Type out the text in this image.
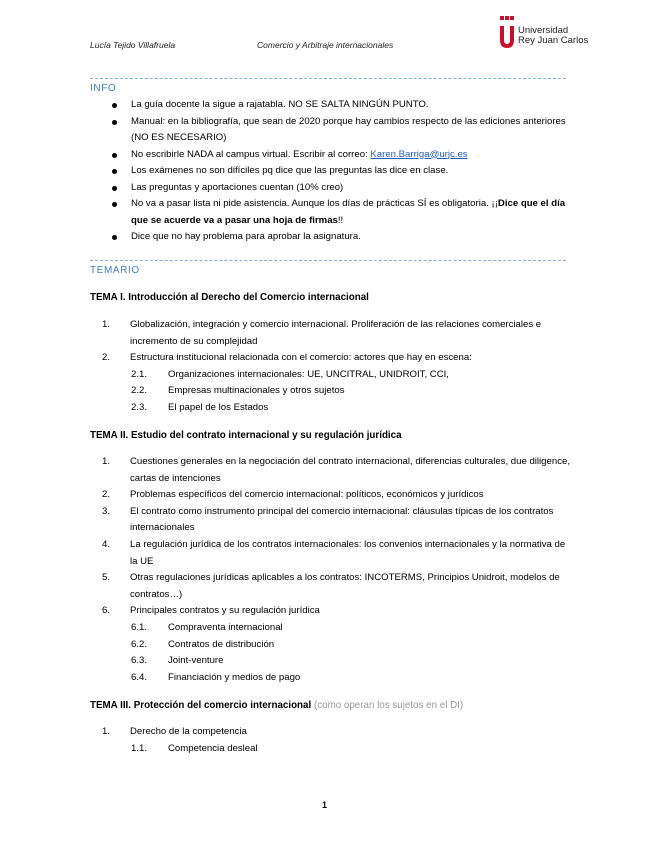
Lucía Tejido Villafruela	Comercio y Arbitraje internacionales
Universidad
Rey Juan Carlos
INFO
La guía docente la sigue a rajatabla. NO SE SALTA NINGÚN PUNTO.
Manual: en la bibliografía, que sean de 2020 porque hay cambios respecto de las ediciones anteriores (NO ES NECESARIO)
No escribirle NADA al campus virtual. Escribir al correo: Karen.Barriga@urjc.es
Los exámenes no son difíciles pq dice que las preguntas las dice en clase.
Las preguntas y aportaciones cuentan (10% creo)
No va a pasar lista ni pide asistencia. Aunque los días de prácticas SÍ es obligatoria. ¡¡Dice que el día que se acuerde va a pasar una hoja de firmas!!
Dice que no hay problema para aprobar la asignatura.
TEMARIO
TEMA I. Introducción al Derecho del Comercio internacional
1. Globalización, integración y comercio internacional. Proliferación de las relaciones comerciales e incremento de su complejidad
2. Estructura institucional relacionada con el comercio: actores que hay en escena:
2.1. Organizaciones internacionales: UE, UNCITRAL, UNIDROIT, CCI,
2.2. Empresas multinacionales y otros sujetos
2.3. El papel de los Estados
TEMA II. Estudio del contrato internacional y su regulación jurídica
1. Cuestiones generales en la negociación del contrato internacional, diferencias culturales, due diligence, cartas de intenciones
2. Problemas específicos del comercio internacional: políticos, económicos y jurídicos
3. El contrato como instrumento principal del comercio internacional: cláusulas típicas de los contratos internacionales
4. La regulación jurídica de los contratos internacionales: los convenios internacionales y la normativa de la UE
5. Otras regulaciones jurídicas aplicables a los contratos: INCOTERMS, Principios Unidroit, modelos de contratos…)
6. Principales contratos y su regulación jurídica
6.1. Compraventa internacional
6.2. Contratos de distribución
6.3. Joint-venture
6.4. Financiación y medios de pago
TEMA III. Protección del comercio internacional (como operan los sujetos en el DI)
1. Derecho de la competencia
1.1. Competencia desleal
1
